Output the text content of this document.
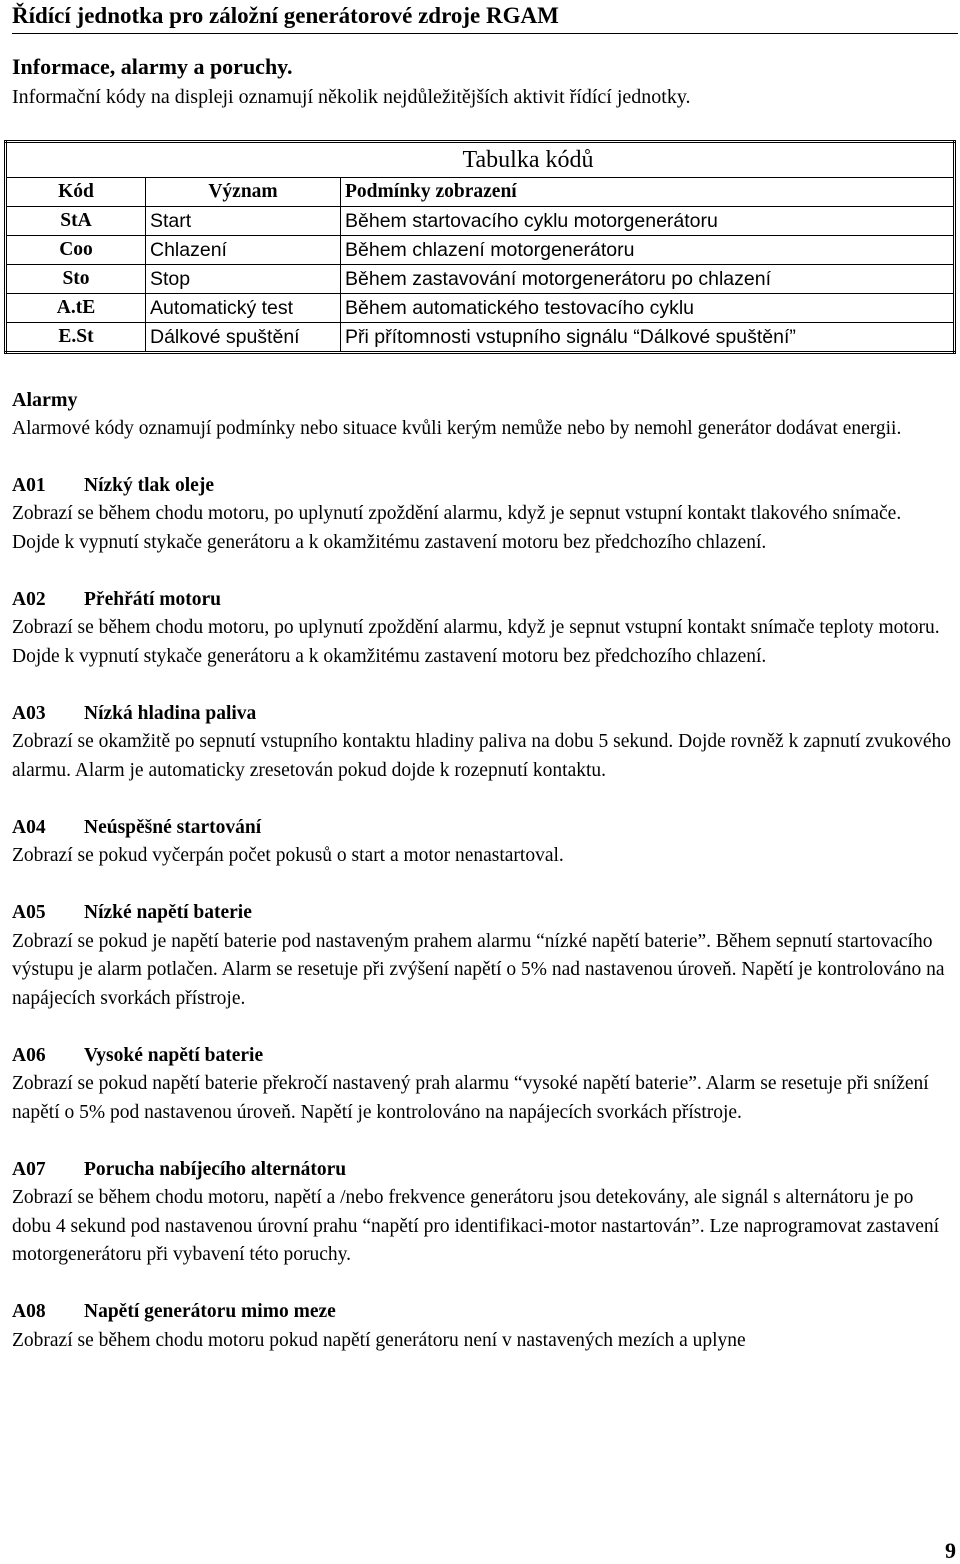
Řídící jednotka pro záložní generátorové zdroje RGAM
Informace, alarmy a poruchy.
Informační kódy na displeji oznamují několik nejdůležitějších aktivit řídící jednotky.
Tabulka kódů		
Kód	Význam	Podmínky zobrazení
StA	Start	Během startovacího cyklu motorgenerátoru
Coo	Chlazení	Během chlazení motorgenerátoru
Sto	Stop	Během zastavování motorgenerátoru po chlazení
A.tE	Automatický test	Během automatického testovacího cyklu
E.St	Dálkové spuštění	Při přítomnosti vstupního signálu “Dálkové spuštění”
Alarmy
Alarmové kódy oznamují podmínky nebo situace kvůli kerým nemůže nebo by nemohl generátor dodávat energii.
A01 Nízký tlak oleje
Zobrazí se během chodu motoru, po uplynutí zpoždění alarmu, když je sepnut vstupní kontakt tlakového snímače. Dojde k vypnutí stykače generátoru a k okamžitému zastavení motoru bez předchozího chlazení.
A02 Přehřátí motoru
Zobrazí se během chodu motoru, po uplynutí zpoždění alarmu, když je sepnut vstupní kontakt snímače teploty motoru. Dojde k vypnutí stykače generátoru a k okamžitému zastavení motoru bez předchozího chlazení.
A03 Nízká hladina paliva
Zobrazí se okamžitě po sepnutí vstupního kontaktu hladiny paliva na dobu 5 sekund. Dojde rovněž k zapnutí zvukového alarmu. Alarm je automaticky zresetován pokud dojde k rozepnutí kontaktu.
A04 Neúspěšné startování
Zobrazí se pokud vyčerpán počet pokusů o start a motor nenastartoval.
A05 Nízké napětí baterie
Zobrazí se pokud je napětí baterie pod nastaveným prahem alarmu “nízké napětí baterie”. Během sepnutí startovacího výstupu je alarm potlačen. Alarm se resetuje při zvýšení napětí o 5% nad nastavenou úroveň. Napětí je kontrolováno na napájecích svorkách přístroje.
A06 Vysoké napětí baterie
Zobrazí se pokud napětí baterie překročí nastavený prah alarmu “vysoké napětí baterie”. Alarm se resetuje při snížení napětí o 5% pod nastavenou úroveň. Napětí je kontrolováno na napájecích svorkách přístroje.
A07 Porucha nabíjecího alternátoru
Zobrazí se během chodu motoru, napětí a /nebo frekvence generátoru jsou detekovány, ale signál s alternátoru je po dobu 4 sekund pod nastavenou úrovní prahu “napětí pro identifikaci-motor nastartován”. Lze naprogramovat zastavení motorgenerátoru při vybavení této poruchy.
A08 Napětí generátoru mimo meze
Zobrazí se během chodu motoru pokud napětí generátoru není v nastavených mezích a uplyne
9
